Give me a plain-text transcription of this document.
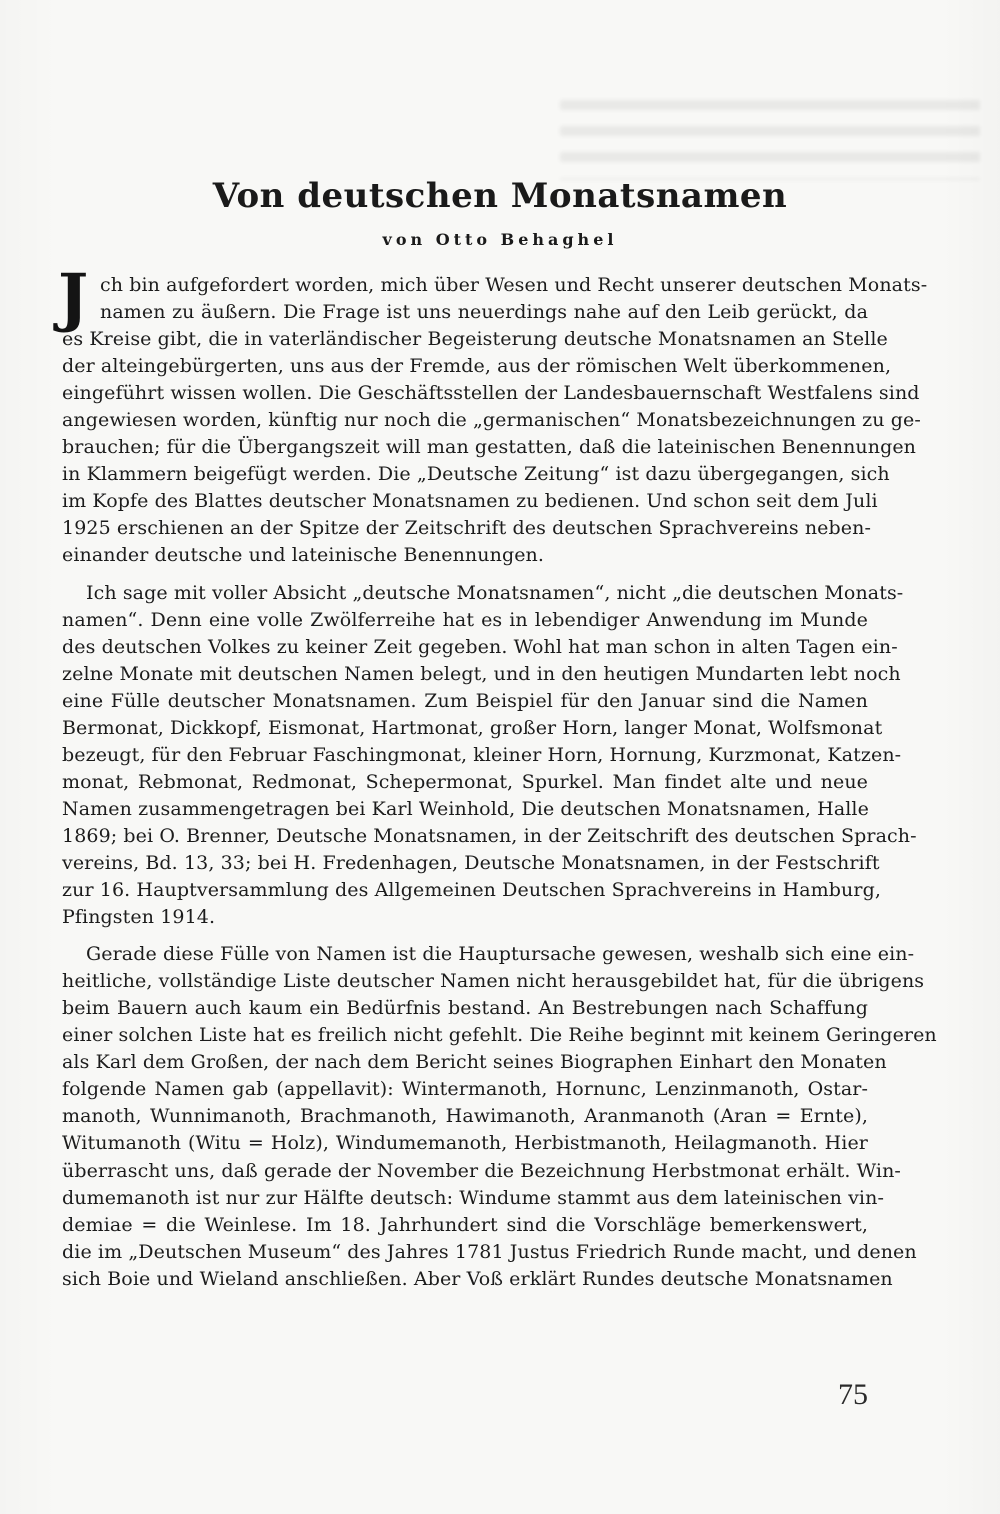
Von deutschen Monatsnamen
von Otto Behaghel
J ch bin aufgefordert worden, mich über Wesen und Recht unserer deutschen Monats-
namen zu äußern. Die Frage ist uns neuerdings nahe auf den Leib gerückt, da
es Kreise gibt, die in vaterländischer Begeisterung deutsche Monatsnamen an Stelle
der alteingebürgerten, uns aus der Fremde, aus der römischen Welt überkommenen,
eingeführt wissen wollen. Die Geschäftsstellen der Landesbauernschaft Westfalens sind
angewiesen worden, künftig nur noch die „germanischen“ Monatsbezeichnungen zu ge-
brauchen; für die Übergangszeit will man gestatten, daß die lateinischen Benennungen
in Klammern beigefügt werden. Die „Deutsche Zeitung“ ist dazu übergegangen, sich
im Kopfe des Blattes deutscher Monatsnamen zu bedienen. Und schon seit dem Juli
1925 erschienen an der Spitze der Zeitschrift des deutschen Sprachvereins neben-
einander deutsche und lateinische Benennungen.
Ich sage mit voller Absicht „deutsche Monatsnamen“, nicht „die deutschen Monats-
namen“. Denn eine volle Zwölferreihe hat es in lebendiger Anwendung im Munde
des deutschen Volkes zu keiner Zeit gegeben. Wohl hat man schon in alten Tagen ein-
zelne Monate mit deutschen Namen belegt, und in den heutigen Mundarten lebt noch
eine Fülle deutscher Monatsnamen. Zum Beispiel für den Januar sind die Namen
Bermonat, Dickkopf, Eismonat, Hartmonat, großer Horn, langer Monat, Wolfsmonat
bezeugt, für den Februar Faschingmonat, kleiner Horn, Hornung, Kurzmonat, Katzen-
monat, Rebmonat, Redmonat, Schepermonat, Spurkel. Man findet alte und neue
Namen zusammengetragen bei Karl Weinhold, Die deutschen Monatsnamen, Halle
1869; bei O. Brenner, Deutsche Monatsnamen, in der Zeitschrift des deutschen Sprach-
vereins, Bd. 13, 33; bei H. Fredenhagen, Deutsche Monatsnamen, in der Festschrift
zur 16. Hauptversammlung des Allgemeinen Deutschen Sprachvereins in Hamburg,
Pfingsten 1914.
Gerade diese Fülle von Namen ist die Hauptursache gewesen, weshalb sich eine ein-
heitliche, vollständige Liste deutscher Namen nicht herausgebildet hat, für die übrigens
beim Bauern auch kaum ein Bedürfnis bestand. An Bestrebungen nach Schaffung
einer solchen Liste hat es freilich nicht gefehlt. Die Reihe beginnt mit keinem Geringeren
als Karl dem Großen, der nach dem Bericht seines Biographen Einhart den Monaten
folgende Namen gab (appellavit): Wintermanoth, Hornunc, Lenzinmanoth, Ostar-
manoth, Wunnimanoth, Brachmanoth, Hawimanoth, Aranmanoth (Aran = Ernte),
Witumanoth (Witu = Holz), Windumemanoth, Herbistmanoth, Heilagmanoth. Hier
überrascht uns, daß gerade der November die Bezeichnung Herbstmonat erhält. Win-
dumemanoth ist nur zur Hälfte deutsch: Windume stammt aus dem lateinischen vin-
demiae = die Weinlese. Im 18. Jahrhundert sind die Vorschläge bemerkenswert,
die im „Deutschen Museum“ des Jahres 1781 Justus Friedrich Runde macht, und denen
sich Boie und Wieland anschließen. Aber Voß erklärt Rundes deutsche Monatsnamen
75
